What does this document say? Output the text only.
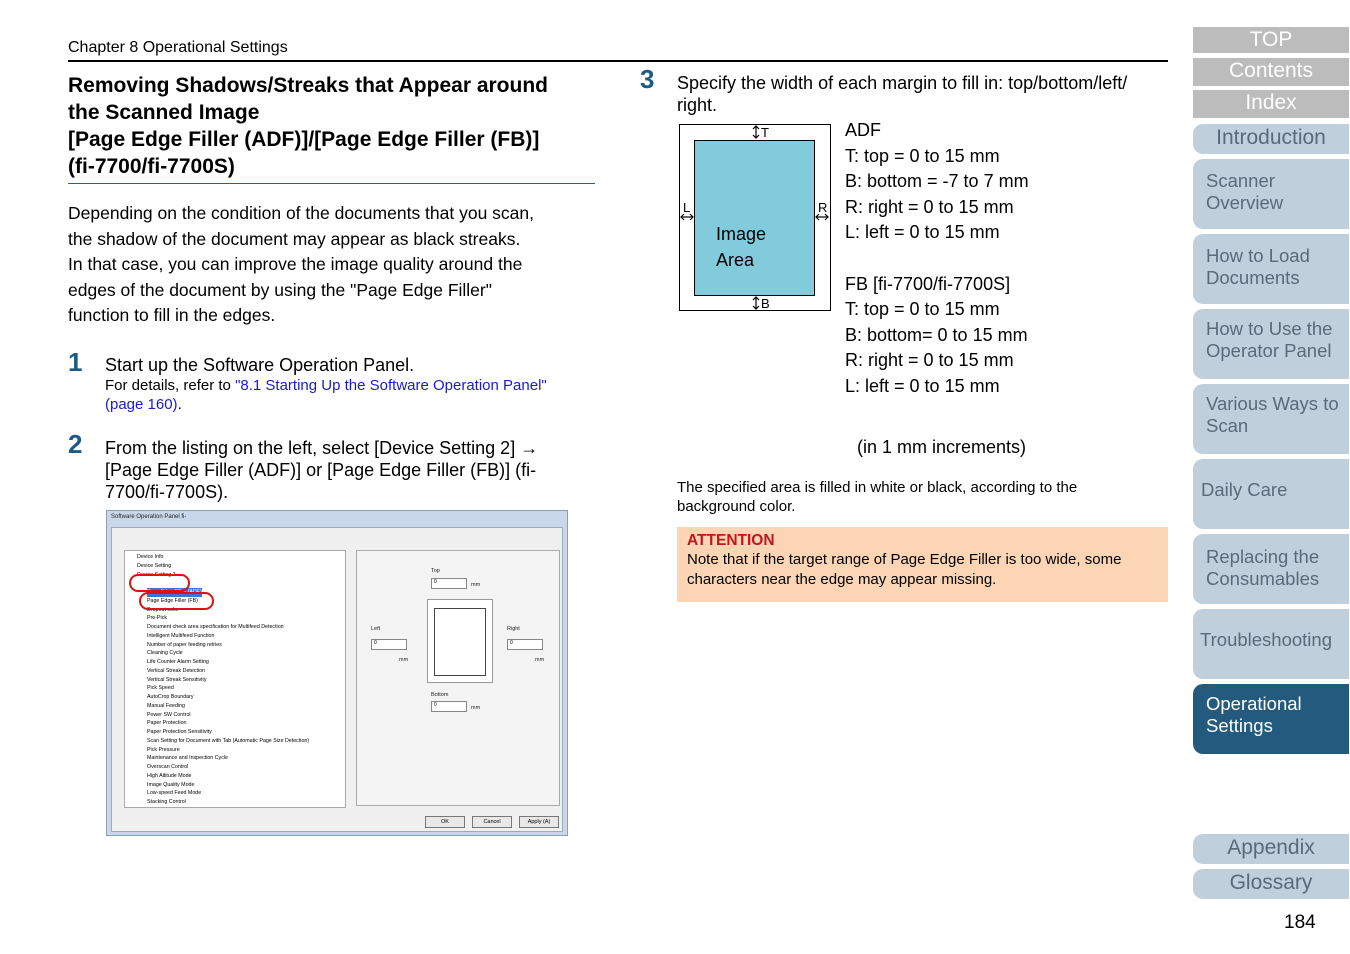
Chapter 8 Operational Settings
Removing Shadows/Streaks that Appear around
the Scanned Image
[Page Edge Filler (ADF)]/[Page Edge Filler (FB)]
(fi-7700/fi-7700S)
Depending on the condition of the documents that you scan,
the shadow of the document may appear as black streaks.
In that case, you can improve the image quality around the
edges of the document by using the "Page Edge Filler"
function to fill in the edges.
1 Start up the Software Operation Panel.
For details, refer to "8.1 Starting Up the Software Operation Panel"
(page 160).
2 From the listing on the left, select [Device Setting 2] →
[Page Edge Filler (ADF)] or [Page Edge Filler (FB)] (fi-
7700/fi-7700S).
Software Operation Panel fi-
Device Info
Device Setting
Device Setting 2

Page Edge Filler (ADF)
Page Edge Filler (FB)
Dropout color
Pre-Pick
Document check area specification for Multifeed Detection
Intelligent Multifeed Function
Number of paper feeding retries
Cleaning Cycle
Life Counter Alarm Setting
Vertical Streak Detection
Vertical Streak Sensitivity
Pick Speed
AutoCrop Boundary
Manual Feeding
Power SW Control
Paper Protection
Paper Protection Sensitivity
Scan Setting for Document with Tab (Automatic Page Size Detection)
Pick Pressure
Maintenance and Inspection Cycle
Overscan Control
High Altitude Mode
Image Quality Mode
Low-speed Feed Mode
Stacking Control
Top
0	mm
Left
0
mm
Right
0
mm
Bottom
0	mm
OK	Cancel	Apply (A)
3 Specify the width of each margin to fill in: top/bottom/left/
right.
Image
Area
T
B
L	R
ADF
T: top = 0 to 15 mm
B: bottom = -7 to 7 mm
R: right = 0 to 15 mm
L: left = 0 to 15 mm

FB [fi-7700/fi-7700S]
T: top = 0 to 15 mm
B: bottom= 0 to 15 mm
R: right = 0 to 15 mm
L: left = 0 to 15 mm
(in 1 mm increments)
The specified area is filled in white or black, according to the
background color.
ATTENTION
Note that if the target range of Page Edge Filler is too wide, some
characters near the edge may appear missing.
TOP
Contents
Index
Introduction
Scanner
Overview
How to Load
Documents
How to Use the
Operator Panel
Various Ways to
Scan
Daily Care
Replacing the
Consumables
Troubleshooting
Operational
Settings
Appendix
Glossary
184
